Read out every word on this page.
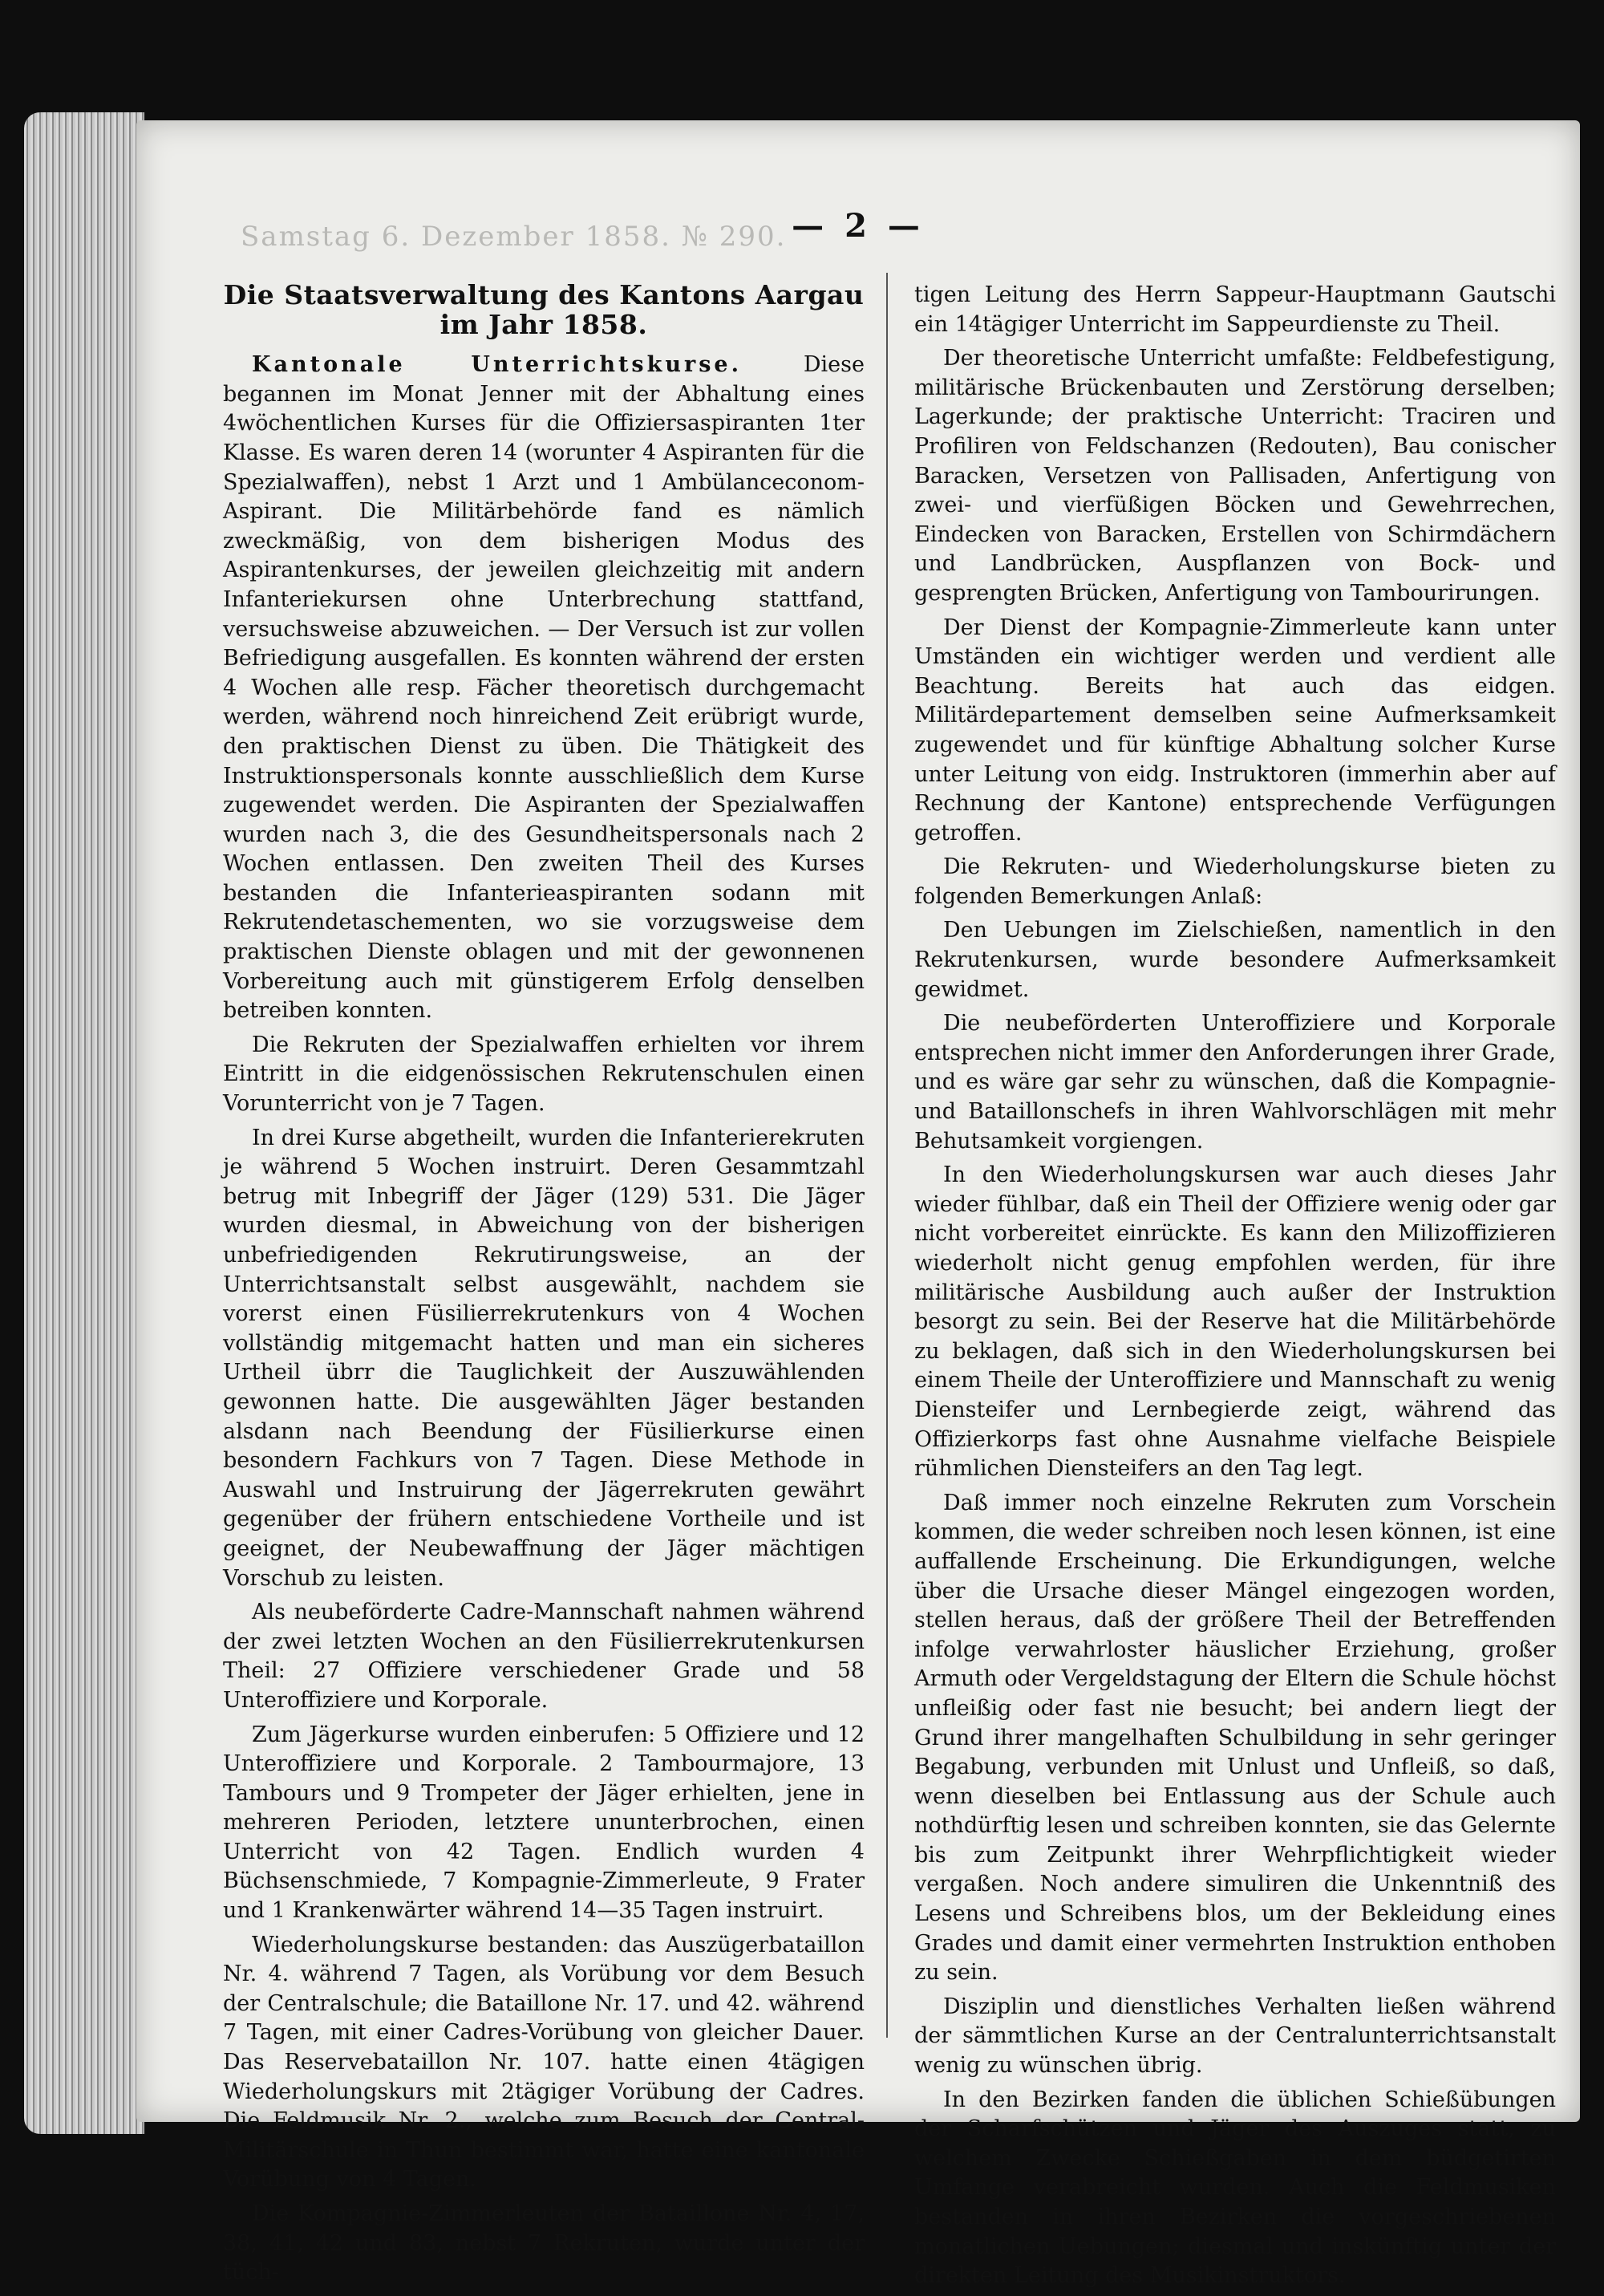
Samstag 6. Dezember 1858. № 290. — 2 —
Die Staatsverwaltung des Kantons Aargau im Jahr 1858.

Kantonale Unterrichtskurse.	Diese begannen im Monat Jenner mit der Abhaltung eines 4wöchentlichen Kurses für die Offiziersaspiranten 1ter Klasse. Es waren deren 14 (worunter 4 Aspiranten für die Spezialwaffen), nebst 1 Arzt und 1 Ambülanceconom-Aspirant. Die Militärbehörde fand es nämlich zweckmäßig, von dem bisherigen Modus des Aspirantenkurses, der jeweilen gleichzeitig mit andern Infanteriekursen ohne Unterbrechung stattfand, versuchsweise abzuweichen. — Der Versuch ist zur vollen Befriedigung ausgefallen. Es konnten während der ersten 4 Wochen alle resp. Fächer theoretisch durchgemacht werden, während noch hinreichend Zeit erübrigt wurde, den praktischen Dienst zu üben. Die Thätigkeit des Instruktionspersonals konnte ausschließlich dem Kurse zugewendet werden. Die Aspiranten der Spezialwaffen wurden nach 3, die des Gesundheitspersonals nach 2 Wochen entlassen. Den zweiten Theil des Kurses bestanden die Infanterieaspiranten sodann mit Rekrutendetaschementen, wo sie vorzugsweise dem praktischen Dienste oblagen und mit der gewonnenen Vorbereitung auch mit günstigerem Erfolg denselben betreiben konnten.

Die Rekruten der Spezialwaffen erhielten vor ihrem Eintritt in die eidgenössischen Rekrutenschulen einen Vorunterricht von je 7 Tagen.

In drei Kurse abgetheilt, wurden die Infanterierekruten je während 5 Wochen instruirt. Deren Gesammtzahl betrug mit Inbegriff der Jäger (129) 531. Die Jäger wurden diesmal, in Abweichung von der bisherigen unbefriedigenden Rekrutirungsweise, an der Unterrichtsanstalt selbst ausgewählt, nachdem sie vorerst einen Füsilierrekrutenkurs von 4 Wochen vollständig mitgemacht hatten und man ein sicheres Urtheil übrr die Tauglichkeit der Auszuwählenden gewonnen hatte. Die ausgewählten Jäger bestanden alsdann nach Beendung der Füsilierkurse einen besondern Fachkurs von 7 Tagen. Diese Methode in Auswahl und Instruirung der Jägerrekruten gewährt gegenüber der frühern entschiedene Vortheile und ist geeignet, der Neubewaffnung der Jäger mächtigen Vorschub zu leisten.

Als neubeförderte Cadre-Mannschaft nahmen während der zwei letzten Wochen an den Füsilierrekrutenkursen Theil: 27 Offiziere verschiedener Grade und 58 Unteroffiziere und Korporale.

Zum Jägerkurse wurden einberufen: 5 Offiziere und 12 Unteroffiziere und Korporale. 2 Tambourmajore, 13 Tambours und 9 Trompeter der Jäger erhielten, jene in mehreren Perioden, letztere ununterbrochen, einen Unterricht von 42 Tagen. Endlich wurden 4 Büchsenschmiede, 7 Kompagnie-Zimmerleute, 9 Frater und 1 Krankenwärter während 14—35 Tagen instruirt.

Wiederholungskurse bestanden: das Auszügerbataillon Nr. 4. während 7 Tagen, als Vorübung vor dem Besuch der Centralschule; die Bataillone Nr. 17. und 42. während 7 Tagen, mit einer Cadres-Vorübung von gleicher Dauer. Das Reservebataillon Nr. 107. hatte einen 4tägigen Wiederholungskurs mit 2tägiger Vorübung der Cadres. Die Feldmusik Nr. 2., welche zum Besuch der Central-Militärschule in Thun bestimmt war, hatte eine kantonale Vorübung von 4 Tagen.

Die Kompagnie-Zimmerleuten der Bataillone Nr. 4, 17, 38, 41, 42 und 83, nebst 7 Rekruten, wurde unter der tüch-

tigen Leitung des Herrn Sappeur-Hauptmann Gautschi ein 14tägiger Unterricht im Sappeurdienste zu Theil.

Der theoretische Unterricht umfaßte: Feldbefestigung, militärische Brückenbauten und Zerstörung derselben; Lagerkunde; der praktische Unterricht: Traciren und Profiliren von Feldschanzen (Redouten), Bau conischer Baracken, Versetzen von Pallisaden, Anfertigung von zwei- und vierfüßigen Böcken und Gewehrrechen, Eindecken von Baracken, Erstellen von Schirmdächern und Landbrücken, Auspflanzen von Bock- und gesprengten Brücken, Anfertigung von Tambourirungen.

Der Dienst der Kompagnie-Zimmerleute kann unter Umständen ein wichtiger werden und verdient alle Beachtung. Bereits hat auch das eidgen. Militärdepartement demselben seine Aufmerksamkeit zugewendet und für künftige Abhaltung solcher Kurse unter Leitung von eidg. Instruktoren (immerhin aber auf Rechnung der Kantone) entsprechende Verfügungen getroffen.

Die Rekruten- und Wiederholungskurse bieten zu folgenden Bemerkungen Anlaß:

Den Uebungen im Zielschießen, namentlich in den Rekrutenkursen, wurde besondere Aufmerksamkeit gewidmet.

Die neubeförderten Unteroffiziere und Korporale entsprechen nicht immer den Anforderungen ihrer Grade, und es wäre gar sehr zu wünschen, daß die Kompagnie- und Bataillonschefs in ihren Wahlvorschlägen mit mehr Behutsamkeit vorgiengen.

In den Wiederholungskursen war auch dieses Jahr wieder fühlbar, daß ein Theil der Offiziere wenig oder gar nicht vorbereitet einrückte. Es kann den Milizoffizieren wiederholt nicht genug empfohlen werden, für ihre militärische Ausbildung auch außer der Instruktion besorgt zu sein. Bei der Reserve hat die Militärbehörde zu beklagen, daß sich in den Wiederholungskursen bei einem Theile der Unteroffiziere und Mannschaft zu wenig Diensteifer und Lernbegierde zeigt, während das Offizierkorps fast ohne Ausnahme vielfache Beispiele rühmlichen Diensteifers an den Tag legt.

Daß immer noch einzelne Rekruten zum Vorschein kommen, die weder schreiben noch lesen können, ist eine auffallende Erscheinung. Die Erkundigungen, welche über die Ursache dieser Mängel eingezogen worden, stellen heraus, daß der größere Theil der Betreffenden infolge verwahrloster häuslicher Erziehung, großer Armuth oder Vergeldstagung der Eltern die Schule höchst unfleißig oder fast nie besucht; bei andern liegt der Grund ihrer mangelhaften Schulbildung in sehr geringer Begabung, verbunden mit Unlust und Unfleiß, so daß, wenn dieselben bei Entlassung aus der Schule auch nothdürftig lesen und schreiben konnten, sie das Gelernte bis zum Zeitpunkt ihrer Wehrpflichtigkeit wieder vergaßen. Noch andere simuliren die Unkenntniß des Lesens und Schreibens blos, um der Bekleidung eines Grades und damit einer vermehrten Instruktion enthoben zu sein.

Disziplin und dienstliches Verhalten ließen während der sämmtlichen Kurse an der Centralunterrichtsanstalt wenig zu wünschen übrig.

In den Bezirken fanden die üblichen Schießübungen der Scharfschützen und Jäger des Auszuges statt, zu welchem Zwecke Schießgaben in dem büdgetirten Umfange verabreicht wurden. Auch die Feldmusiken bestanden in ihren Bezirken die vorgeschriebenen monatlichen Uebungen; diesmal und inskünftig unter der direkten Leitung des Musikinstruktors.
